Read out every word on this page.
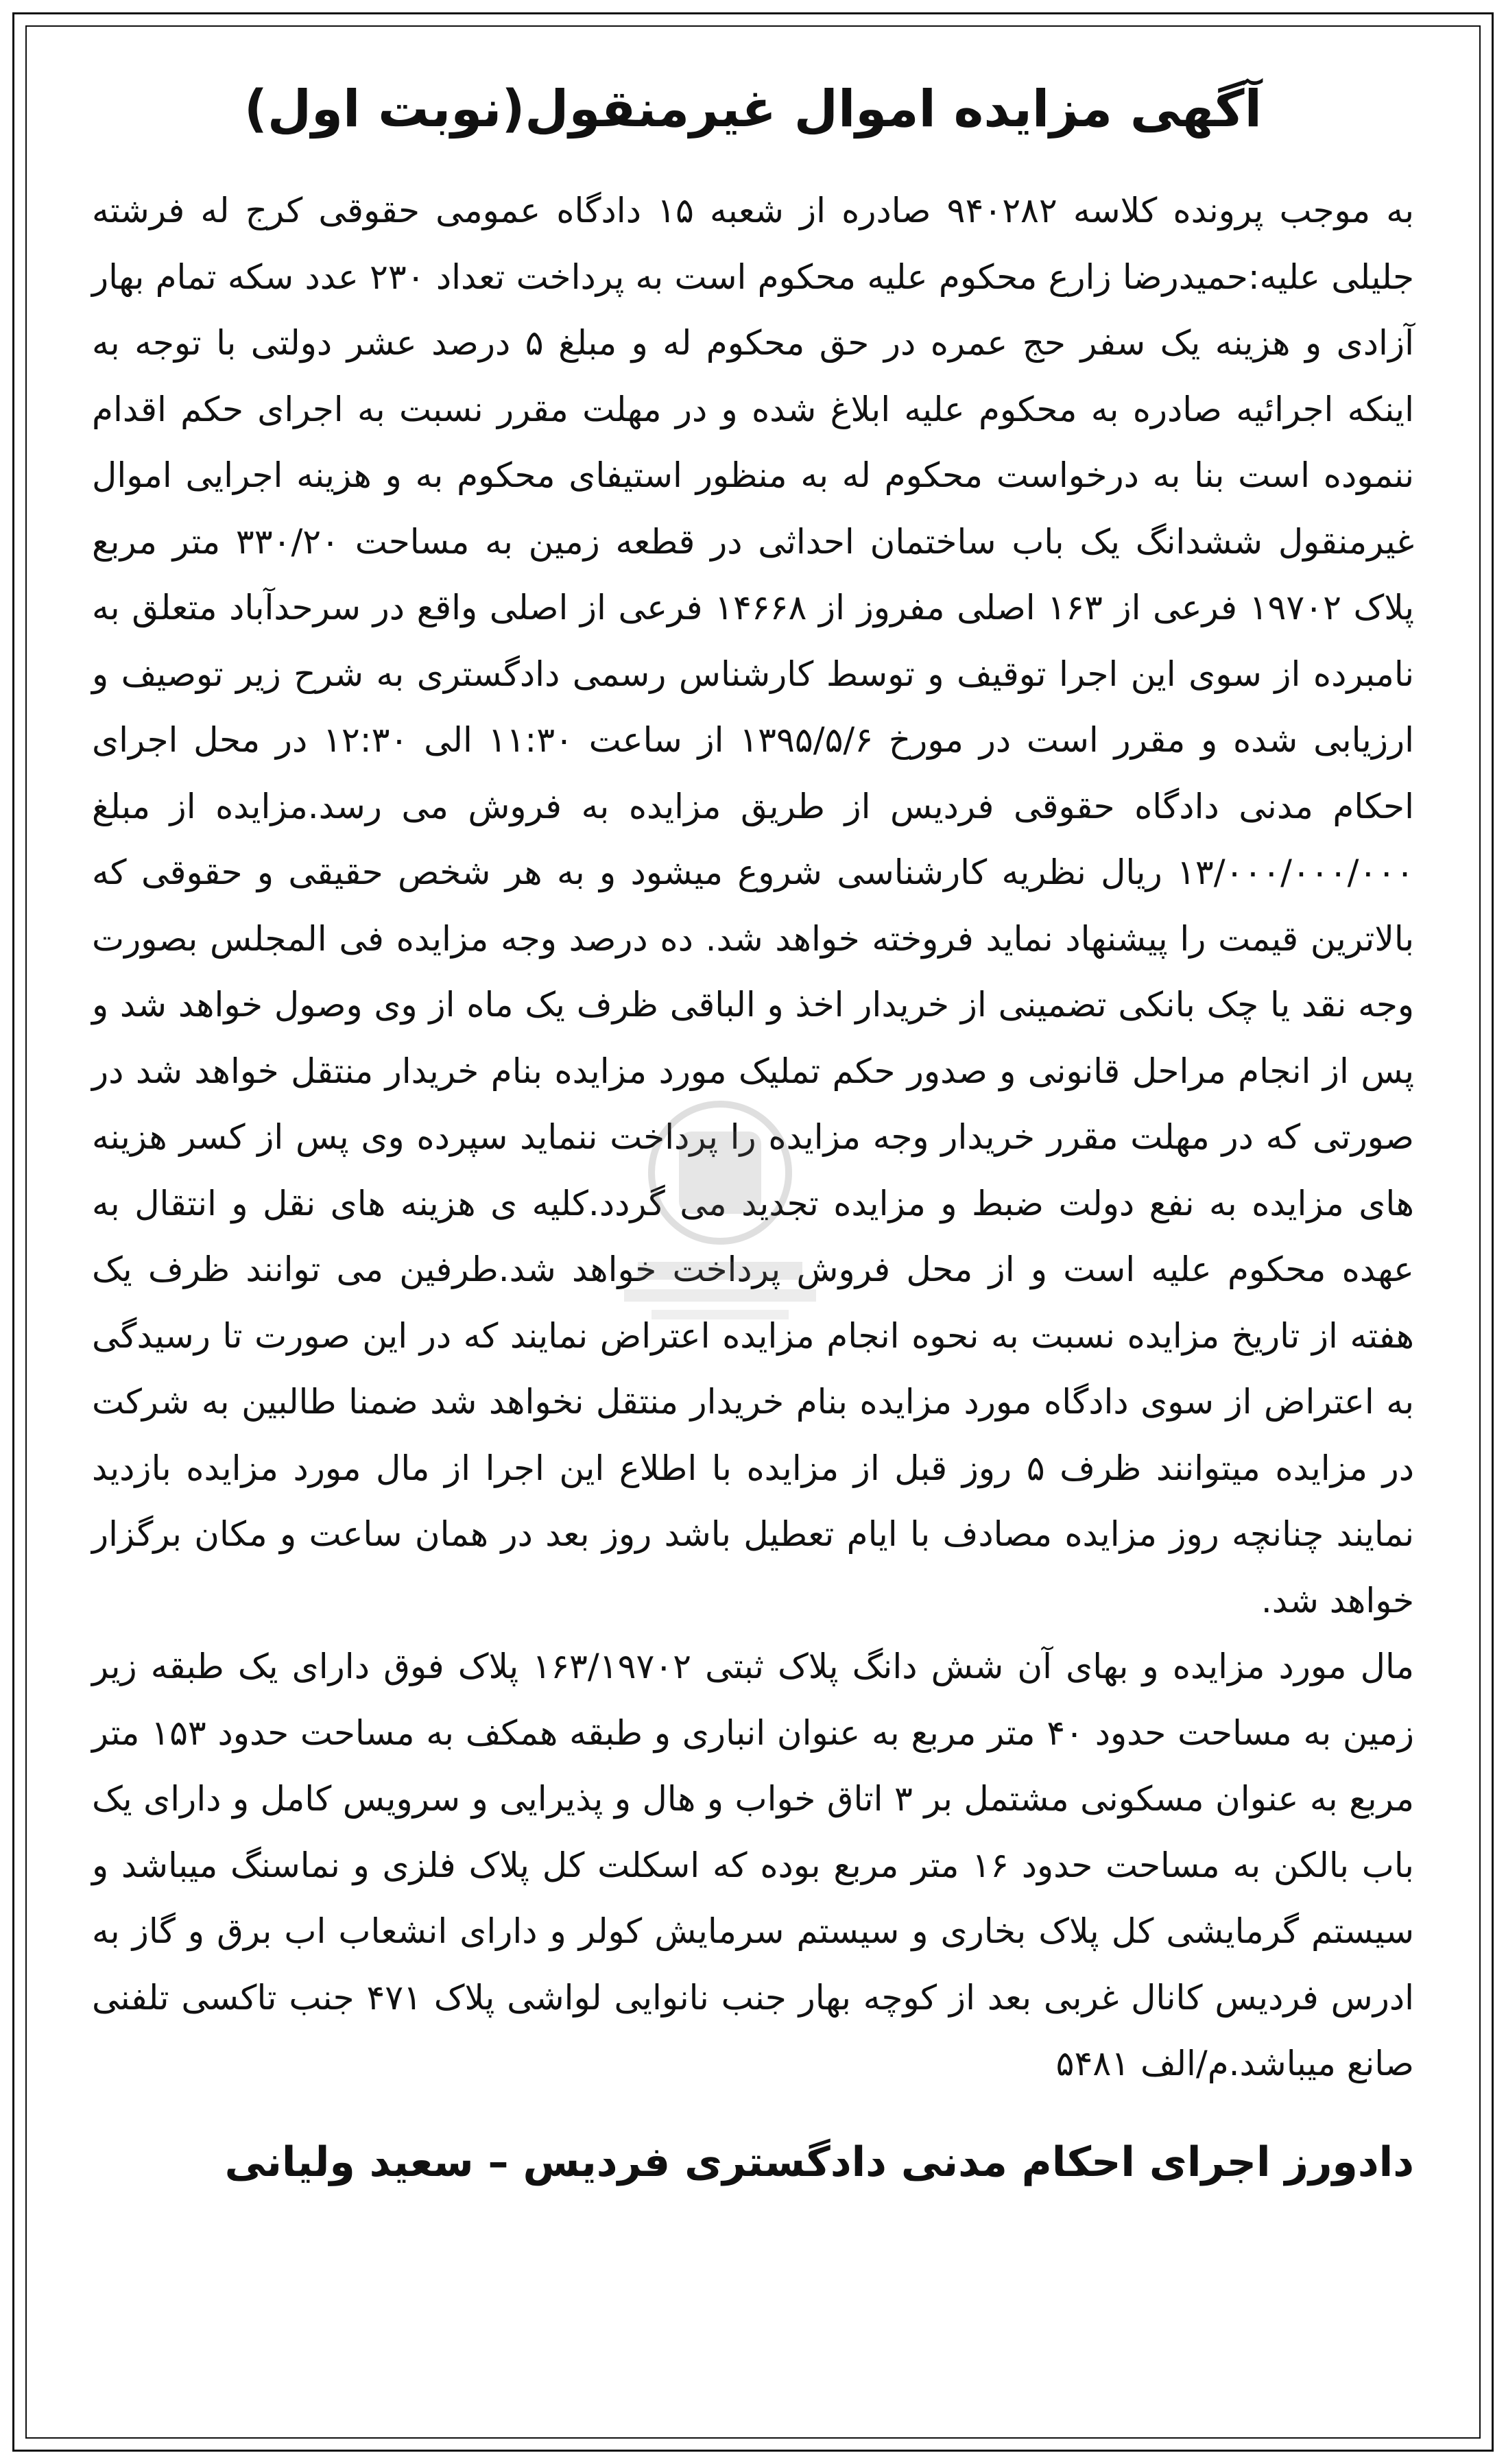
آگهی مزایده اموال غیرمنقول(نوبت اول)

به موجب پرونده کلاسه ۹۴۰۲۸۲ صادره از شعبه ۱۵ دادگاه عمومی حقوقی کرج له فرشته جلیلی علیه:حمیدرضا زارع محکوم علیه محکوم است به پرداخت تعداد ۲۳۰ عدد سکه تمام بهار آزادی و هزینه یک سفر حج عمره در حق محکوم له و مبلغ ۵ درصد عشر دولتی با توجه به اینکه اجرائیه صادره به محکوم علیه ابلاغ شده و در مهلت مقرر نسبت به اجرای حکم اقدام ننموده است بنا به درخواست محکوم له به منظور استیفای محکوم به و هزینه اجرایی اموال غیرمنقول ششدانگ یک باب ساختمان احداثی در قطعه زمین به مساحت ۳۳۰/۲۰ متر مربع پلاک ۱۹۷۰۲ فرعی از ۱۶۳ اصلی مفروز از ۱۴۶۶۸ فرعی از اصلی واقع در سرحدآباد متعلق به نامبرده از سوی این اجرا توقیف و توسط کارشناس رسمی دادگستری به شرح زیر توصیف و ارزیابی شده و مقرر است در مورخ ۱۳۹۵/۵/۶ از ساعت ۱۱:۳۰ الی ۱۲:۳۰ در محل اجرای احکام مدنی دادگاه حقوقی فردیس از طریق مزایده به فروش می رسد.مزایده از مبلغ ۱۳/۰۰۰/۰۰۰/۰۰۰ ریال نظریه کارشناسی شروع میشود و به هر شخص حقیقی و حقوقی که بالاترین قیمت را پیشنهاد نماید فروخته خواهد شد. ده درصد وجه مزایده فی المجلس بصورت وجه نقد یا چک بانکی تضمینی از خریدار اخذ و الباقی ظرف یک ماه از وی وصول خواهد شد و پس از انجام مراحل قانونی و صدور حکم تملیک مورد مزایده بنام خریدار منتقل خواهد شد در صورتی که در مهلت مقرر خریدار وجه مزایده را پرداخت ننماید سپرده وی پس از کسر هزینه های مزایده به نفع دولت ضبط و مزایده تجدید می گردد.کلیه ی هزینه های نقل و انتقال به عهده محکوم علیه است و از محل فروش پرداخت خواهد شد.طرفین می توانند ظرف یک هفته از تاریخ مزایده نسبت به نحوه انجام مزایده اعتراض نمایند که در این صورت تا رسیدگی به اعتراض از سوی دادگاه مورد مزایده بنام خریدار منتقل نخواهد شد ضمنا طالبین به شرکت در مزایده میتوانند ظرف ۵ روز قبل از مزایده با اطلاع این اجرا از مال مورد مزایده بازدید نمایند چنانچه روز مزایده مصادف با ایام تعطیل باشد روز بعد در همان ساعت و مکان برگزار خواهد شد.

مال مورد مزایده و بهای آن شش دانگ پلاک ثبتی ۱۶۳/۱۹۷۰۲ پلاک فوق دارای یک طبقه زیر زمین به مساحت حدود ۴۰ متر مربع به عنوان انباری و طبقه همکف به مساحت حدود ۱۵۳ متر مربع به عنوان مسکونی مشتمل بر ۳ اتاق خواب و هال و پذیرایی و سرویس کامل و دارای یک باب بالکن به مساحت حدود ۱۶ متر مربع بوده که اسکلت کل پلاک فلزی و نماسنگ میباشد و سیستم گرمایشی کل پلاک بخاری و سیستم سرمایش کولر و دارای انشعاب اب برق و گاز به ادرس فردیس کانال غربی بعد از کوچه بهار جنب نانوایی لواشی پلاک ۴۷۱ جنب تاکسی تلفنی صانع میباشد.م/الف ۵۴۸۱

دادورز اجرای احکام مدنی دادگستری فردیس – سعید ولیانی
